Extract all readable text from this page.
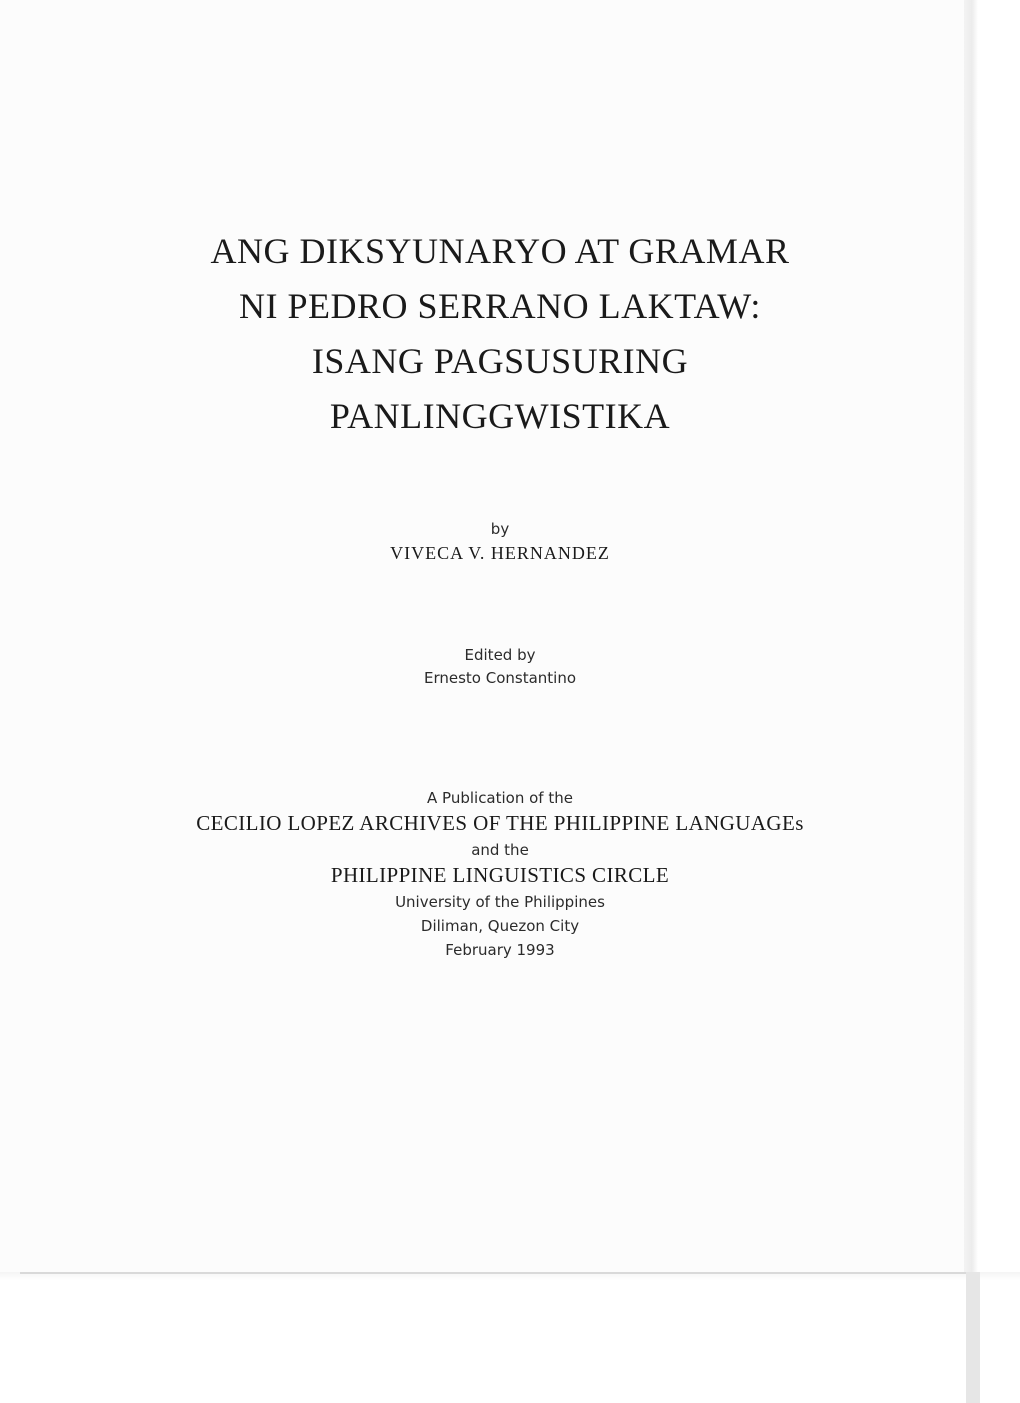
ANG DIKSYUNARYO AT GRAMAR
NI PEDRO SERRANO LAKTAW:
ISANG PAGSUSURING
PANLINGGWISTIKA
by
VIVECA V. HERNANDEZ
Edited by
Ernesto Constantino
A Publication of the
CECILIO LOPEZ ARCHIVES OF THE PHILIPPINE LANGUAGEs
and the
PHILIPPINE LINGUISTICS CIRCLE
University of the Philippines
Diliman, Quezon City
February 1993
